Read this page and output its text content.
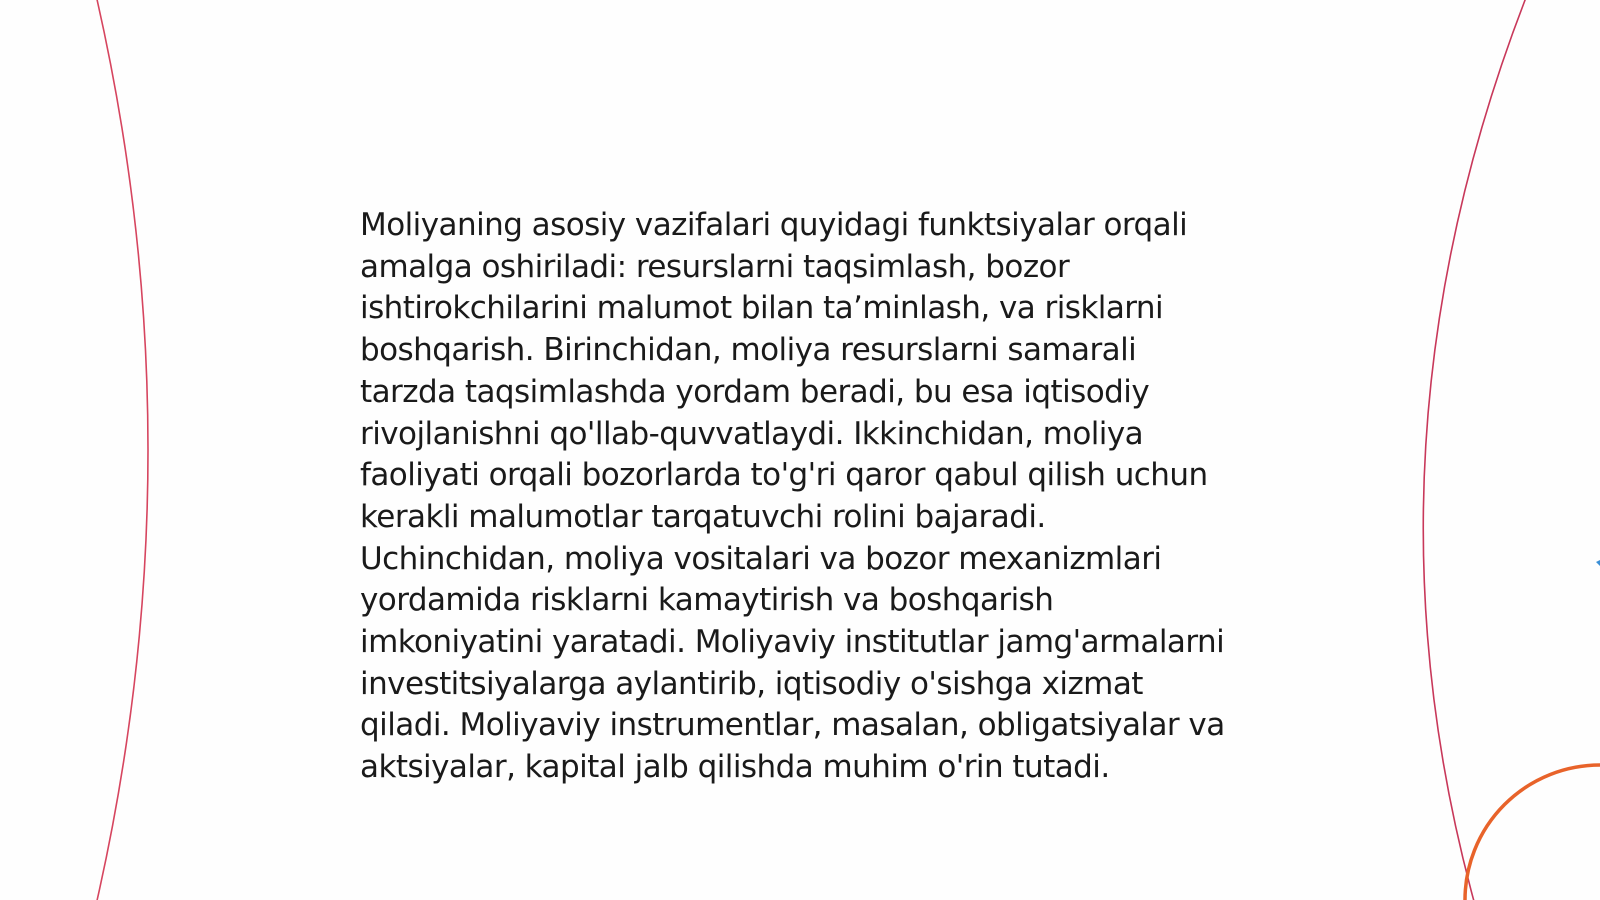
Moliyaning asosiy vazifalari quyidagi funktsiyalar orqali amalga oshiriladi: resurslarni taqsimlash, bozor ishtirokchilarini malumot bilan ta’minlash, va risklarni boshqarish. Birinchidan, moliya resurslarni samarali tarzda taqsimlashda yordam beradi, bu esa iqtisodiy rivojlanishni qo'llab-quvvatlaydi. Ikkinchidan, moliya faoliyati orqali bozorlarda to'g'ri qaror qabul qilish uchun kerakli malumotlar tarqatuvchi rolini bajaradi. Uchinchidan, moliya vositalari va bozor mexanizmlari yordamida risklarni kamaytirish va boshqarish imkoniyatini yaratadi. Moliyaviy institutlar jamg'armalarni investitsiyalarga aylantirib, iqtisodiy o'sishga xizmat qiladi. Moliyaviy instrumentlar, masalan, obligatsiyalar va aktsiyalar, kapital jalb qilishda muhim o'rin tutadi.
